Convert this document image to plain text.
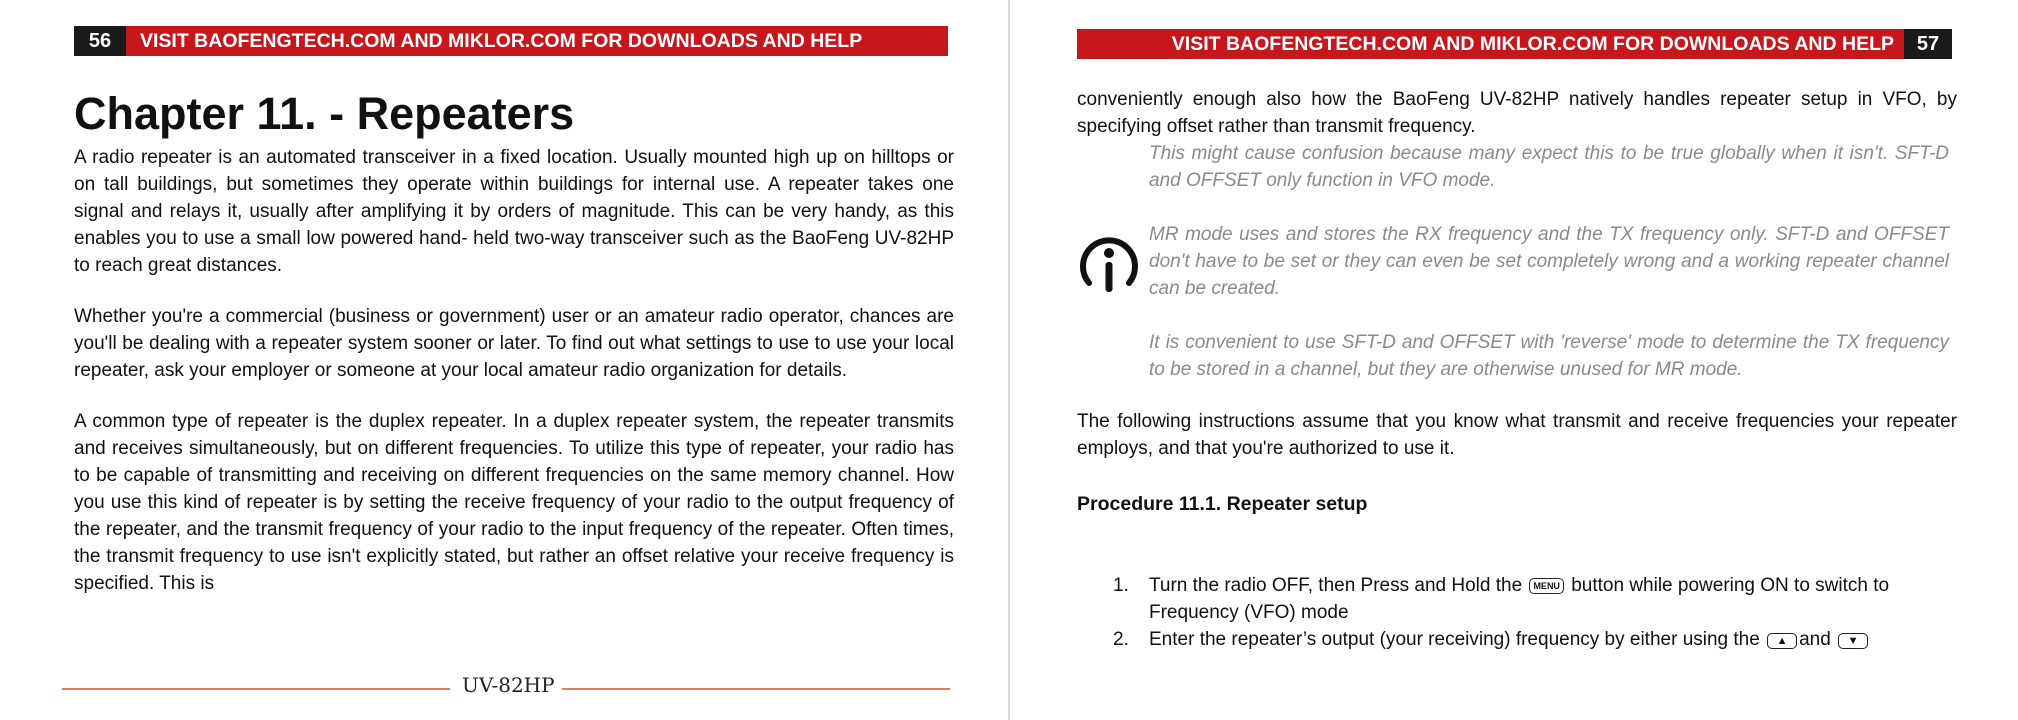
56	VISIT BAOFENGTECH.COM AND MIKLOR.COM FOR DOWNLOADS AND HELP
Chapter 11. - Repeaters

A radio repeater is an automated transceiver in a fixed location. Usually mounted high up on hilltops or on tall buildings, but sometimes they operate within buildings for internal use. A repeater takes one signal and relays it, usually after amplifying it by orders of magnitude. This can be very handy, as this enables you to use a small low powered hand- held two-way transceiver such as the BaoFeng UV-82HP to reach great distances.

Whether you're a commercial (business or government) user or an amateur radio operator, chances are you'll be dealing with a repeater system sooner or later. To find out what settings to use to use your local repeater, ask your employer or someone at your local amateur radio organization for details.

A common type of repeater is the duplex repeater. In a duplex repeater system, the repeater transmits and receives simultaneously, but on different frequencies. To utilize this type of repeater, your radio has to be capable of transmitting and receiving on different frequencies on the same memory channel. How you use this kind of repeater is by setting the receive frequency of your radio to the output frequency of the repeater, and the transmit frequency of your radio to the input frequency of the repeater. Often times, the transmit frequency to use isn't explicitly stated, but rather an offset relative your receive frequency is specified. This is

UV-82HP
VISIT BAOFENGTECH.COM AND MIKLOR.COM FOR DOWNLOADS AND HELP	57

conveniently enough also how the BaoFeng UV-82HP natively handles repeater setup in VFO, by specifying offset rather than transmit frequency.

This might cause confusion because many expect this to be true globally when it isn't. SFT-D and OFFSET only function in VFO mode.

MR mode uses and stores the RX frequency and the TX frequency only. SFT-D and OFFSET don't have to be set or they can even be set completely wrong and a working repeater channel can be created.

It is convenient to use SFT-D and OFFSET with 'reverse' mode to determine the TX frequency to be stored in a channel, but they are otherwise unused for MR mode.

The following instructions assume that you know what transmit and receive frequencies your repeater employs, and that you're authorized to use it.

Procedure 11.1. Repeater setup

1. Turn the radio OFF, then Press and Hold the MENU button while powering ON to switch to Frequency (VFO) mode
2. Enter the repeater’s output (your receiving) frequency by either using the ▲ and ▼
